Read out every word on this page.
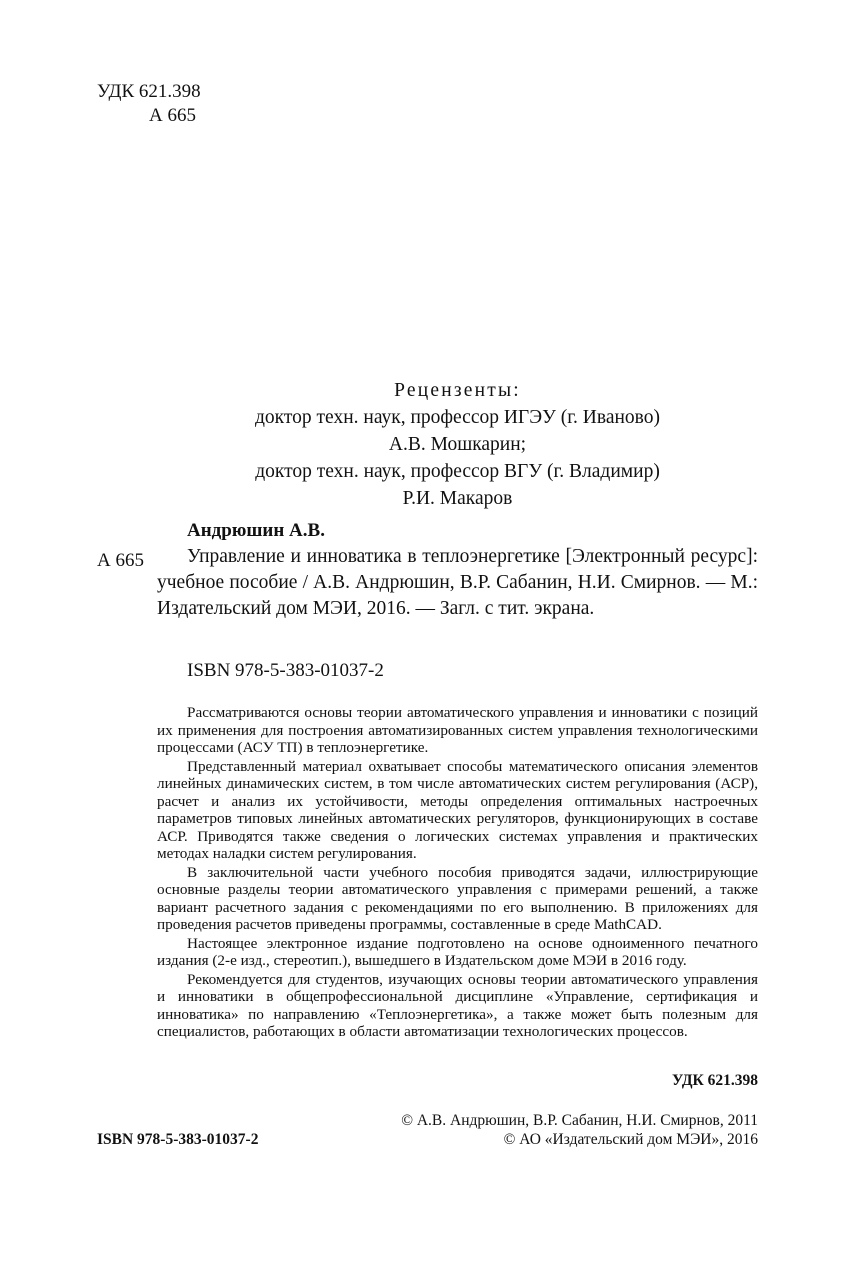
УДК 621.398
А 665
Рецензенты:
доктор техн. наук, профессор ИГЭУ (г. Иваново)
А.В. Мошкарин;
доктор техн. наук, профессор ВГУ (г. Владимир)
Р.И. Макаров
Андрюшин А.В.
А 665	Управление и инноватика в теплоэнергетике [Электронный ресурс]: учебное пособие / А.В. Андрюшин, В.Р. Сабанин, Н.И. Смирнов. — М.: Издательский дом МЭИ, 2016. — Загл. с тит. экрана.

ISBN 978-5-383-01037-2

Рассматриваются основы теории автоматического управления и инноватики с позиций их применения для построения автоматизированных систем управления технологическими процессами (АСУ ТП) в теплоэнергетике.

Представленный материал охватывает способы математического описания элементов линейных динамических систем, в том числе автоматических систем регулирования (АСР), расчет и анализ их устойчивости, методы определения оптимальных настроечных параметров типовых линейных автоматических регуляторов, функционирующих в составе АСР. Приводятся также сведения о логических системах управления и практических методах наладки систем регулирования.

В заключительной части учебного пособия приводятся задачи, иллюстрирующие основные разделы теории автоматического управления с примерами решений, а также вариант расчетного задания с рекомендациями по его выполнению. В приложениях для проведения расчетов приведены программы, составленные в среде MathCAD.

Настоящее электронное издание подготовлено на основе одноименного печатного издания (2-е изд., стереотип.), вышедшего в Издательском доме МЭИ в 2016 году.

Рекомендуется для студентов, изучающих основы теории автоматического управления и инноватики в общепрофессиональной дисциплине «Управление, сертификация и инноватика» по направлению «Теплоэнергетика», а также может быть полезным для специалистов, работающих в области автоматизации технологических процессов.

УДК 621.398
© А.В. Андрюшин, В.Р. Сабанин, Н.И. Смирнов, 2011
© АО «Издательский дом МЭИ», 2016
ISBN 978-5-383-01037-2
